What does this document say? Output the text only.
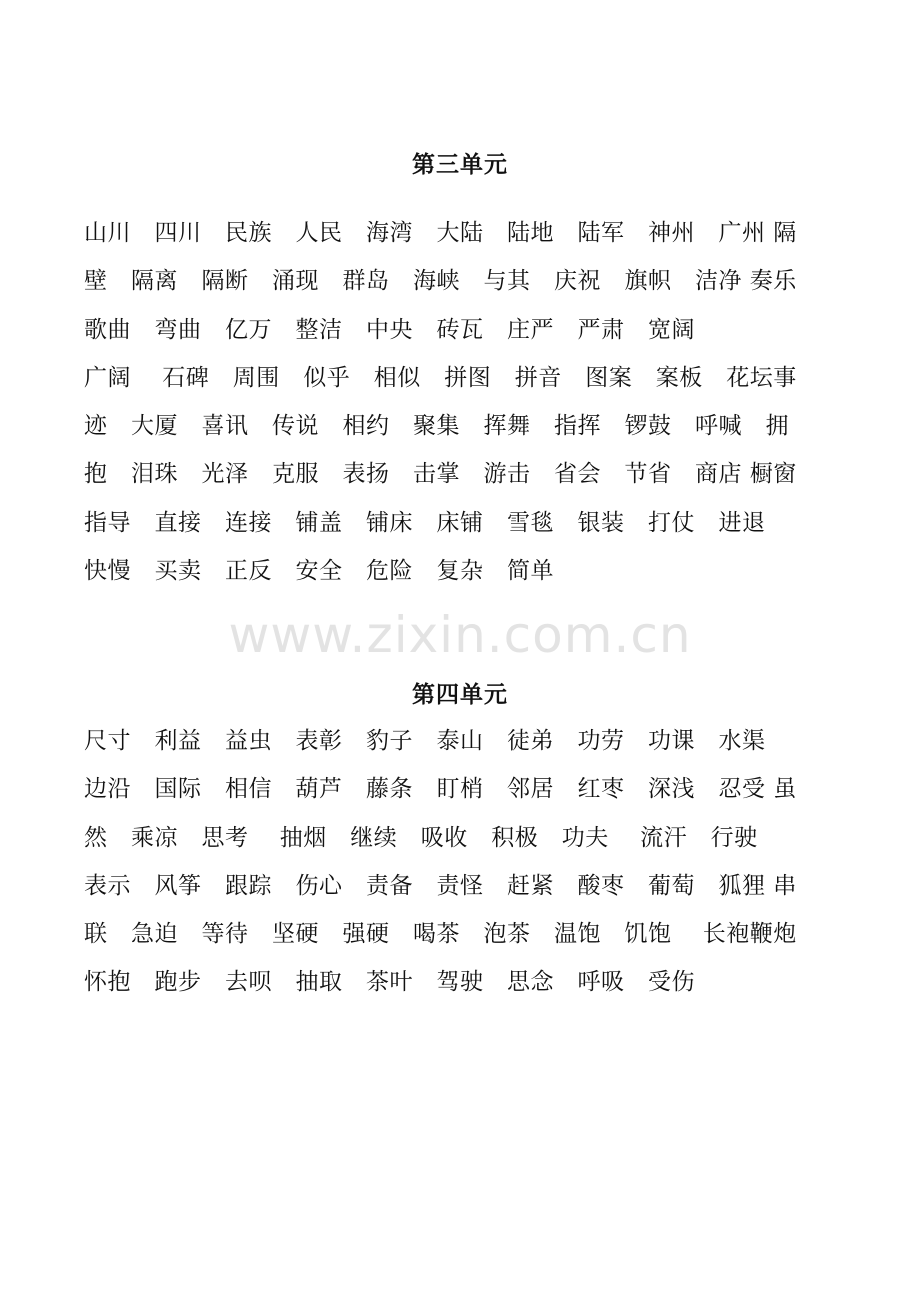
www.zixin.com.cn
第三单元
山川　四川　民族　人民　海湾　大陆　陆地　陆军　神州　广州 隔
壁　隔离　隔断　涌现　群岛　海峡　与其　庆祝　旗帜　洁净 奏乐
歌曲　弯曲　亿万　整洁　中央　砖瓦　庄严　严肃　宽阔
广阔　 石碑　周围　似乎　相似　拼图　拼音　图案　案板　花坛事
迹　大厦　喜讯　传说　相约　聚集　挥舞　指挥　锣鼓　呼喊　拥
抱　泪珠　光泽　克服　表扬　击掌　游击　省会　节省　商店 橱窗
指导　直接　连接　铺盖　铺床　床铺　雪毯　银装　打仗　进退
快慢　买卖　正反　安全　危险　复杂　简单
第四单元
尺寸　利益　益虫　表彰　豹子　泰山　徒弟　功劳　功课　水渠
边沿　国际　相信　葫芦　藤条　盯梢　邻居　红枣　深浅　忍受 虽
然　乘凉　思考　 抽烟　继续　吸收　积极　功夫　 流汗　行驶
表示　风筝　跟踪　伤心　责备　责怪　赶紧　酸枣　葡萄　狐狸 串
联　急迫　等待　坚硬　强硬　喝茶　泡茶　温饱　饥饱　 长袍鞭炮
怀抱　跑步　去呗　抽取　茶叶　驾驶　思念　呼吸　受伤
